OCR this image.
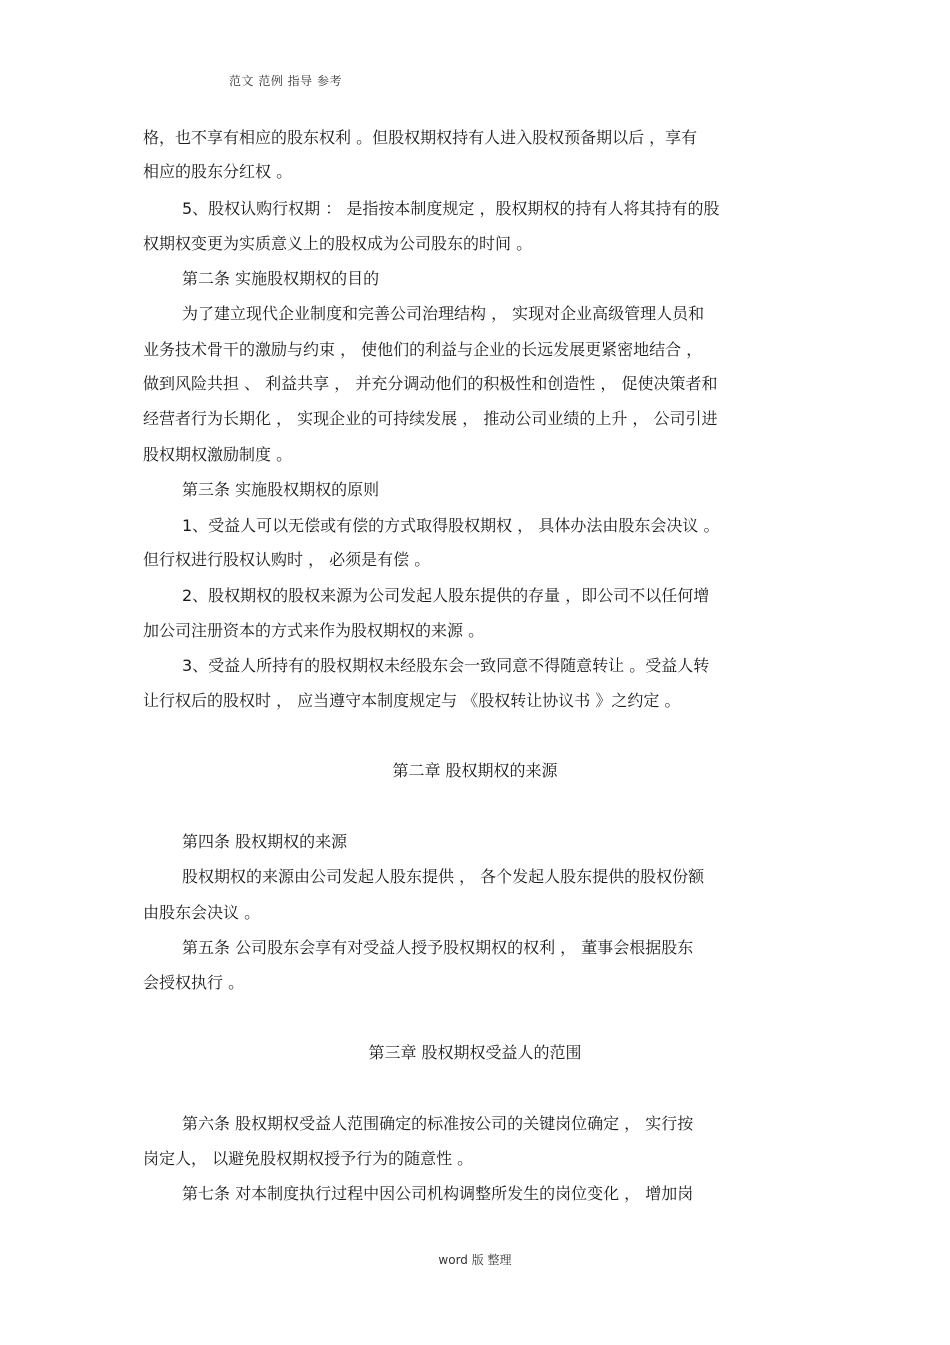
范文 范例 指导 参考
格，也不享有相应的股东权利 。但股权期权持有人进入股权预备期以后 ，享有
相应的股东分红权 。
5、股权认购行权期 ： 是指按本制度规定 ，股权期权的持有人将其持有的股
权期权变更为实质意义上的股权成为公司股东的时间 。
第二条 实施股权期权的目的
为了建立现代企业制度和完善公司治理结构 ， 实现对企业高级管理人员和
业务技术骨干的激励与约束 ， 使他们的利益与企业的长远发展更紧密地结合 ，
做到风险共担 、 利益共享 ， 并充分调动他们的积极性和创造性 ， 促使决策者和
经营者行为长期化 ， 实现企业的可持续发展 ， 推动公司业绩的上升 ， 公司引进
股权期权激励制度 。
第三条 实施股权期权的原则
1、受益人可以无偿或有偿的方式取得股权期权 ， 具体办法由股东会决议 。
但行权进行股权认购时 ， 必须是有偿 。
2、股权期权的股权来源为公司发起人股东提供的存量 ，即公司不以任何增
加公司注册资本的方式来作为股权期权的来源 。
3、受益人所持有的股权期权未经股东会一致同意不得随意转让 。受益人转
让行权后的股权时 ， 应当遵守本制度规定与 《股权转让协议书 》之约定 。
第二章 股权期权的来源
第四条 股权期权的来源
股权期权的来源由公司发起人股东提供 ， 各个发起人股东提供的股权份额
由股东会决议 。
第五条 公司股东会享有对受益人授予股权期权的权利 ， 董事会根据股东
会授权执行 。
第三章 股权期权受益人的范围
第六条 股权期权受益人范围确定的标准按公司的关键岗位确定 ， 实行按
岗定人， 以避免股权期权授予行为的随意性 。
第七条 对本制度执行过程中因公司机构调整所发生的岗位变化 ， 增加岗
word 版 整理
